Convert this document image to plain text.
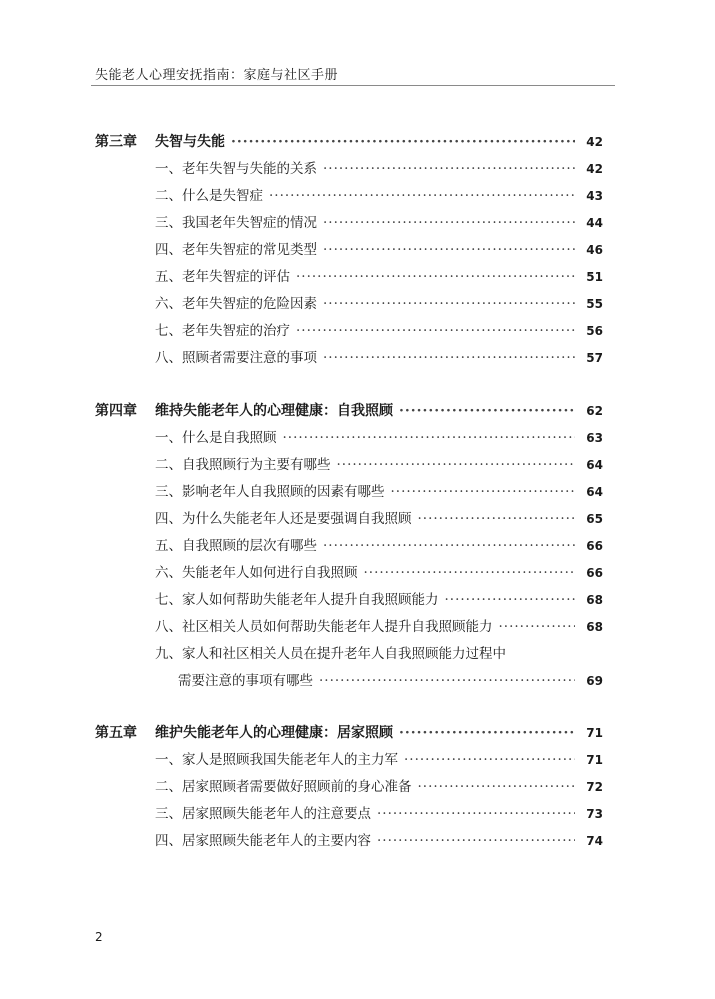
失能老人心理安抚指南：家庭与社区手册
第三章	失智与失能 ·····	42
一、老年失智与失能的关系 ·····	42
二、什么是失智症 ·····	43
三、我国老年失智症的情况 ·····	44
四、老年失智症的常见类型 ·····	46
五、老年失智症的评估 ·····	51
六、老年失智症的危险因素 ·····	55
七、老年失智症的治疗 ·····	56
八、照顾者需要注意的事项 ·····	57
第四章	维持失能老年人的心理健康：自我照顾 ·····	62
一、什么是自我照顾 ·····	63
二、自我照顾行为主要有哪些 ·····	64
三、影响老年人自我照顾的因素有哪些 ·····	64
四、为什么失能老年人还是要强调自我照顾 ·····	65
五、自我照顾的层次有哪些 ·····	66
六、失能老年人如何进行自我照顾 ·····	66
七、家人如何帮助失能老年人提升自我照顾能力 ·····	68
八、社区相关人员如何帮助失能老年人提升自我照顾能力 ·····	68
九、家人和社区相关人员在提升老年人自我照顾能力过程中
需要注意的事项有哪些 ·····	69
第五章	维护失能老年人的心理健康：居家照顾 ·····	71
一、家人是照顾我国失能老年人的主力军 ·····	71
二、居家照顾者需要做好照顾前的身心准备 ·····	72
三、居家照顾失能老年人的注意要点 ·····	73
四、居家照顾失能老年人的主要内容 ·····	74
2
